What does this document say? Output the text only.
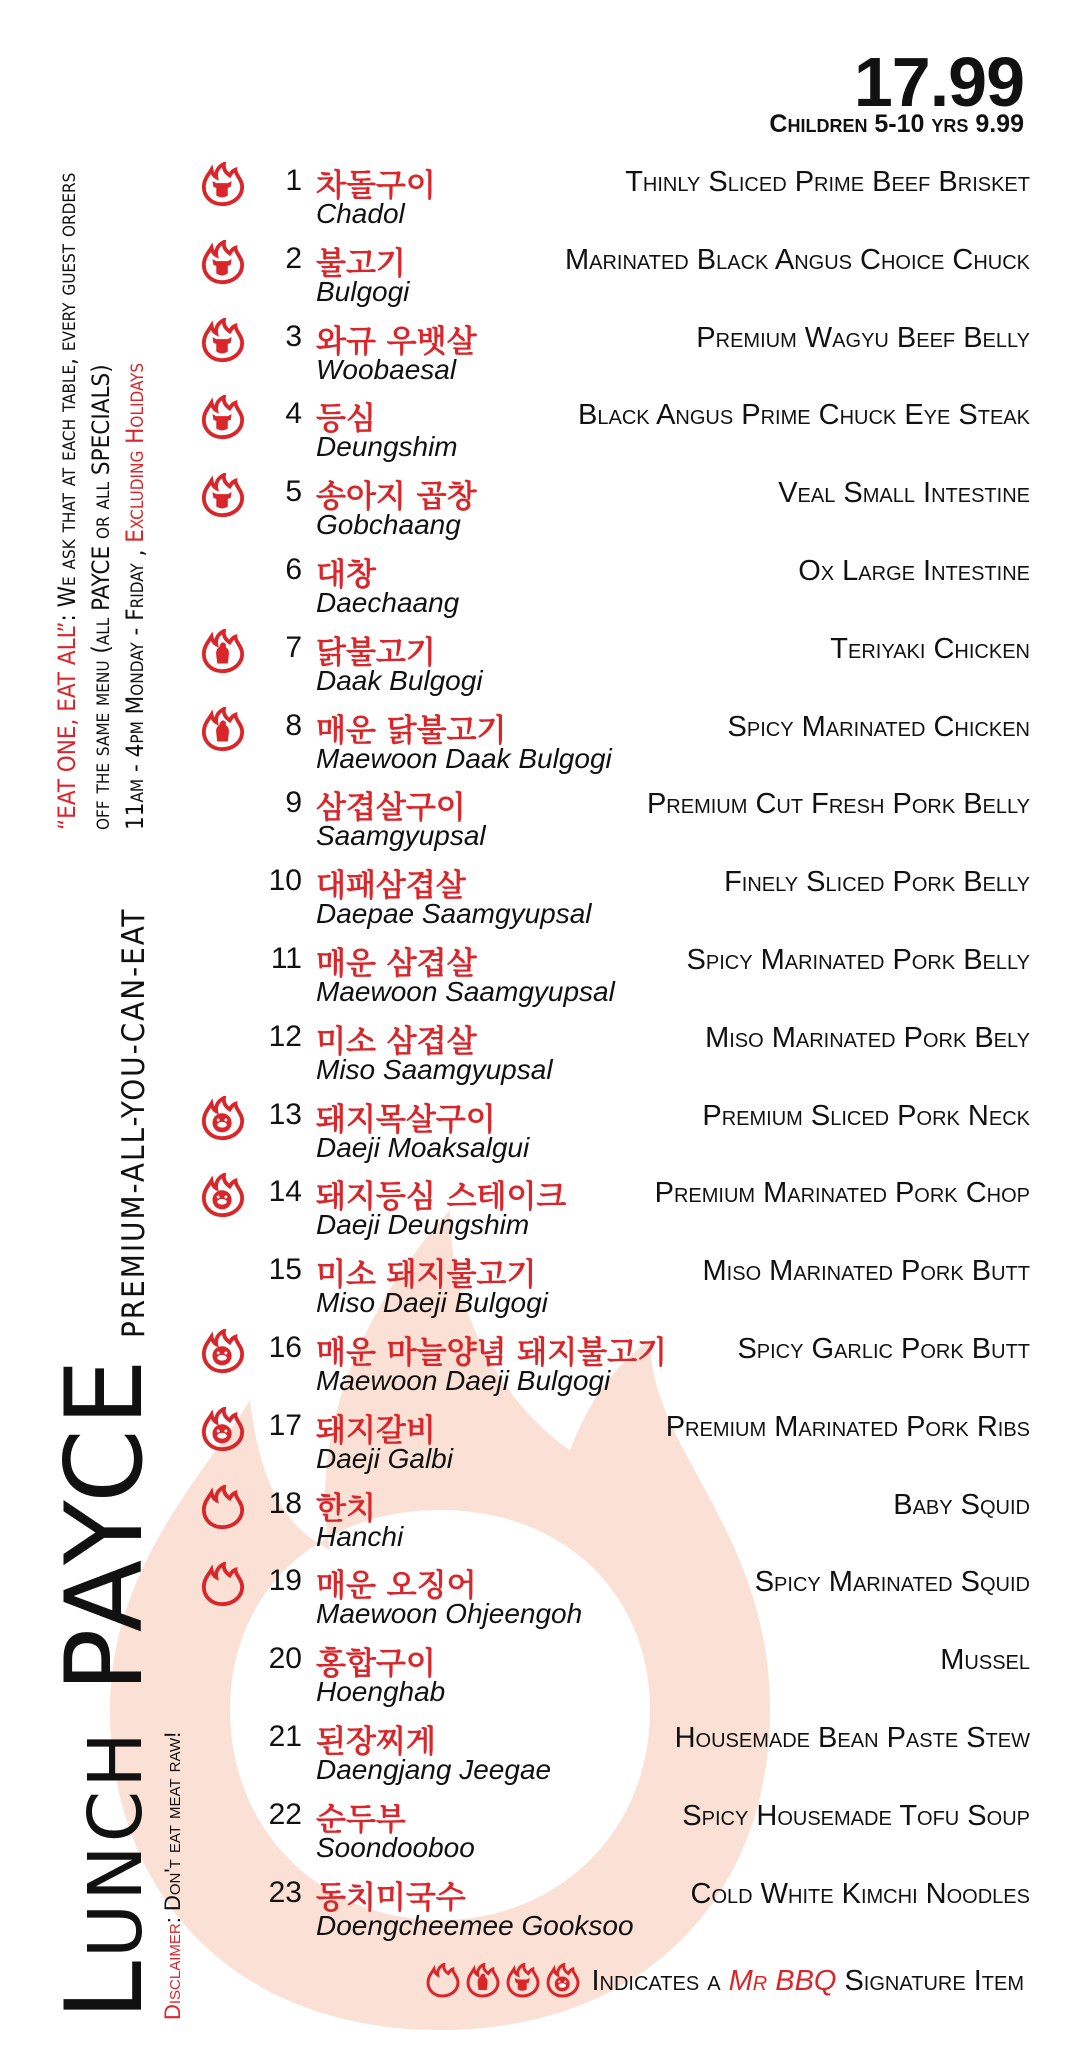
Lunch PAYCE
PREMIUM-ALL-YOU-CAN-EAT
Disclaimer: Don't eat meat raw!
“EAT ONE, EAT ALL”: We ask that at each table, every guest orders off the same menu (all PAYCE or all SPECIALS) 11am - 4pm Monday - Friday , Excluding Holidays
17.99
Children 5-10 yrs 9.99
1 차돌구이
Chadol
Thinly Sliced Prime Beef Brisket
2 불고기
Bulgogi
Marinated Black Angus Choice Chuck
3 와규 우뱃살
Woobaesal
Premium Wagyu Beef Belly
4 등심
Deungshim
Black Angus Prime Chuck Eye Steak
5 송아지 곱창
Gobchaang
Veal Small Intestine
6 대창
Daechaang
Ox Large Intestine
7 닭불고기
Daak Bulgogi
Teriyaki Chicken
8 매운 닭불고기
Maewoon Daak Bulgogi
Spicy Marinated Chicken
9 삼겹살구이
Saamgyupsal
Premium Cut Fresh Pork Belly
10 대패삼겹살
Daepae Saamgyupsal
Finely Sliced Pork Belly
11 매운 삼겹살
Maewoon Saamgyupsal
Spicy Marinated Pork Belly
12 미소 삼겹살
Miso Saamgyupsal
Miso Marinated Pork Bely
13 돼지목살구이
Daeji Moaksalgui
Premium Sliced Pork Neck
14 돼지등심 스테이크
Daeji Deungshim
Premium Marinated Pork Chop
15 미소 돼지불고기
Miso Daeji Bulgogi
Miso Marinated Pork Butt
16 매운 마늘양념 돼지불고기
Maewoon Daeji Bulgogi
Spicy Garlic Pork Butt
17 돼지갈비
Daeji Galbi
Premium Marinated Pork Ribs
18 한치
Hanchi
Baby Squid
19 매운 오징어
Maewoon Ohjeengoh
Spicy Marinated Squid
20 홍합구이
Hoenghab
Mussel
21 된장찌게
Daengjang Jeegae
Housemade Bean Paste Stew
22 순두부
Soondooboo
Spicy Housemade Tofu Soup
23 동치미국수
Doengcheemee Gooksoo
Cold White Kimchi Noodles
Indicates a Mr BBQ Signature Item
